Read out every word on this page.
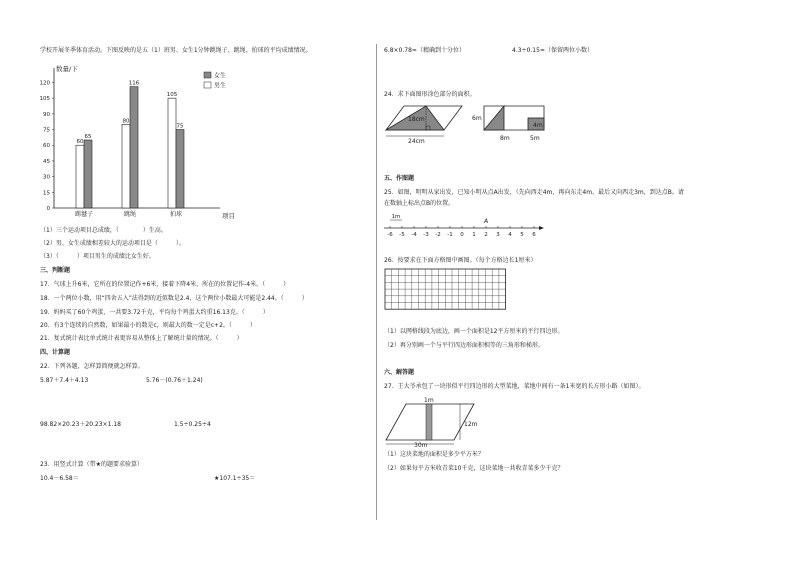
学校开展冬季体育活动。下图反映的是五（1）班男、女生1分钟跳绳子、跳绳、拍球的平均成绩情况。
数量/下
项目
0
15
30
45
60
75
90
105
120
60
65
踢毽子
80
116
跳绳
105
75
拍球
女生
男生
（1）三个运动项目总成绩，（　　　　）生高。
（2）男、女生成绩相差较大的运动项目是（　　　）。
（3）（　　　）项目男生的成绩比女生好。
三、判断题
17．气球上升6米，它所在的位置记作+6米，接着下降4米，所在的位置记作-4米。（　　　）
18．一个两位小数，用“四舍五入”法得到的近似数是2.4，这个两位小数最大可能是2.44。（　　　）
19．妈妈买了60个鸡蛋，一共要3.72千克，平均每个鸡蛋大约重16.13克。（　　　）
20．有3个连续的自然数，如果最小的数是c，则最大的数一定是c+2。（　　　）
21．复式统计表比单式统计表更容易从整体上了解统计量的情况。（　　　）
四、计算题
22．下列各题，怎样算简便就怎样算。
5.87＋7.4＋4.13	5.76－(0.76＋1.24)
98.82×20.23＋20.23×1.18	1.5÷0.25÷4
23．用竖式计算（带★的题要求验算）
10.4－6.58＝	★107.1÷35＝
6.8×0.78≈（精确到十分位）	4.3÷0.15≈（保留两位小数）
24．求下面图形涂色部分的面积。
18cm
24cm
6m
4m
8m	5m
五、作图题
25．如图，明明从家出发，已知小明从点A出发，（先向西走4m，再向东走4m，最后又向西走3m，到达点B。请
在数轴上标出点B的位置。
-6 -5 -4 -3 -2 -1 0 1 2 3 4 5 6
1m
A
26．按要求在下面方格图中画图。（每个方格边长1厘米）
（1）以网格线段为底边，画一个面积是12平方厘米的平行四边形。
（2）再分别画一个与平行四边形面积相等的三角形和梯形。
六、解答题
27．王大爷承包了一块形似平行四边形的大型菜地，菜地中间有一条1米宽的长方形小路（如图）。
1m
12m
30m
（1）这块菜地的面积是多少平方米？
（2）如果每平方米收青菜10千克，这块菜地一共收青菜多少千克？
